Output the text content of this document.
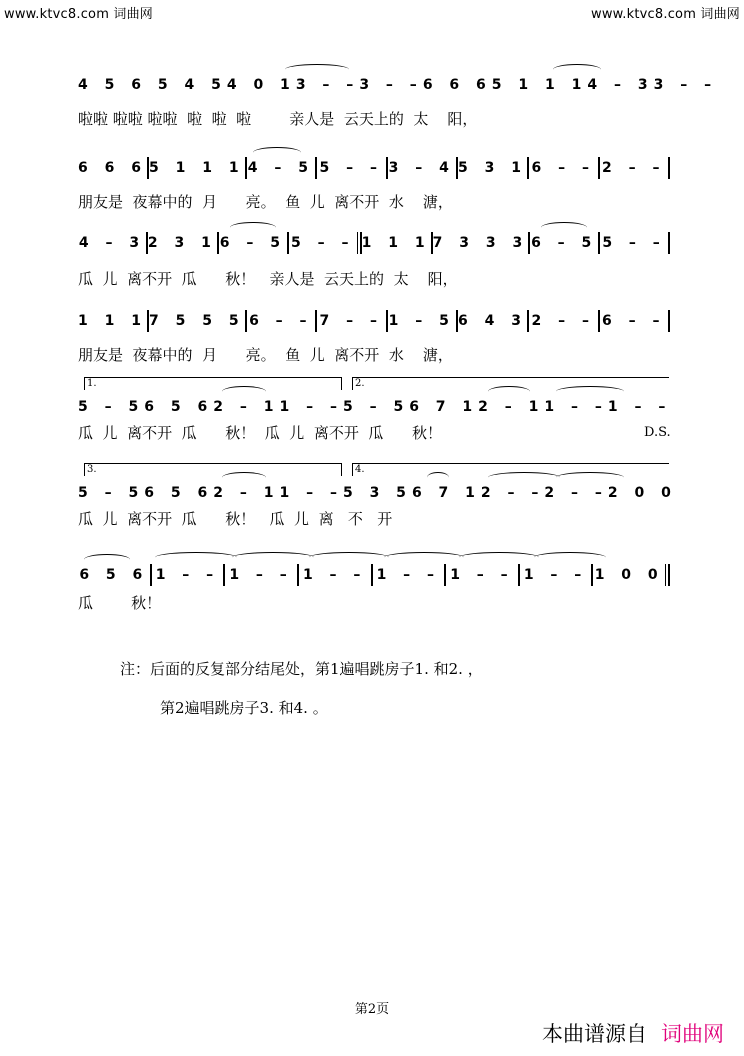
www.ktvc8.com 词曲网	www.ktvc8.com 词曲网
4 5 6 5 4 5 4 0 1 3 – – 3 – – 6 6 6 5 1 1 1 4 – 3 3 – –
啦啦 啦啦 啦啦  啦  啦  啦        亲人是  云天上的  太    阳，
6 6 6 5 1 1 1 4 – 5 5 – – 3 – 4 5 3 1 6 – – 2 – –
朋友是  夜幕中的  月      亮。  鱼  儿  离不开  水    溏，
4 – 3 2 3 1 6 – 5 5 – – 1 1 1 7 3 3 3 6 – 5 5 – –
瓜  儿  离不开  瓜      秋！   亲人是  云天上的  太    阳，
1 1 1 7 5 5 5 6 – – 7 – – 1 – 5 6 4 3 2 – – 6 – –
朋友是  夜幕中的  月      亮。  鱼  儿  离不开  水    溏，
1.	2.
5 – 5 6 5 6 2 – 1 1 – – 5 – 5 6 7 1 2 – 1 1 – – 1 – –
瓜  儿  离不开  瓜      秋！  瓜  儿  离不开  瓜      秋！	D.S.
3.	4.
5 – 5 6 5 6 2 – 1 1 – – 5 3 5 6 7 1 2 – – 2 – – 2 0 0
瓜  儿  离不开  瓜      秋！   瓜  儿  离   不   开
6 5 6 1 – – 1 – – 1 – – 1 – – 1 – – 1 – – 1 0 0
瓜        秋！
注：后面的反复部分结尾处，第1遍唱跳房子1. 和2. ，
第2遍唱跳房子3. 和4. 。
第2页
本曲谱源自 词曲网
